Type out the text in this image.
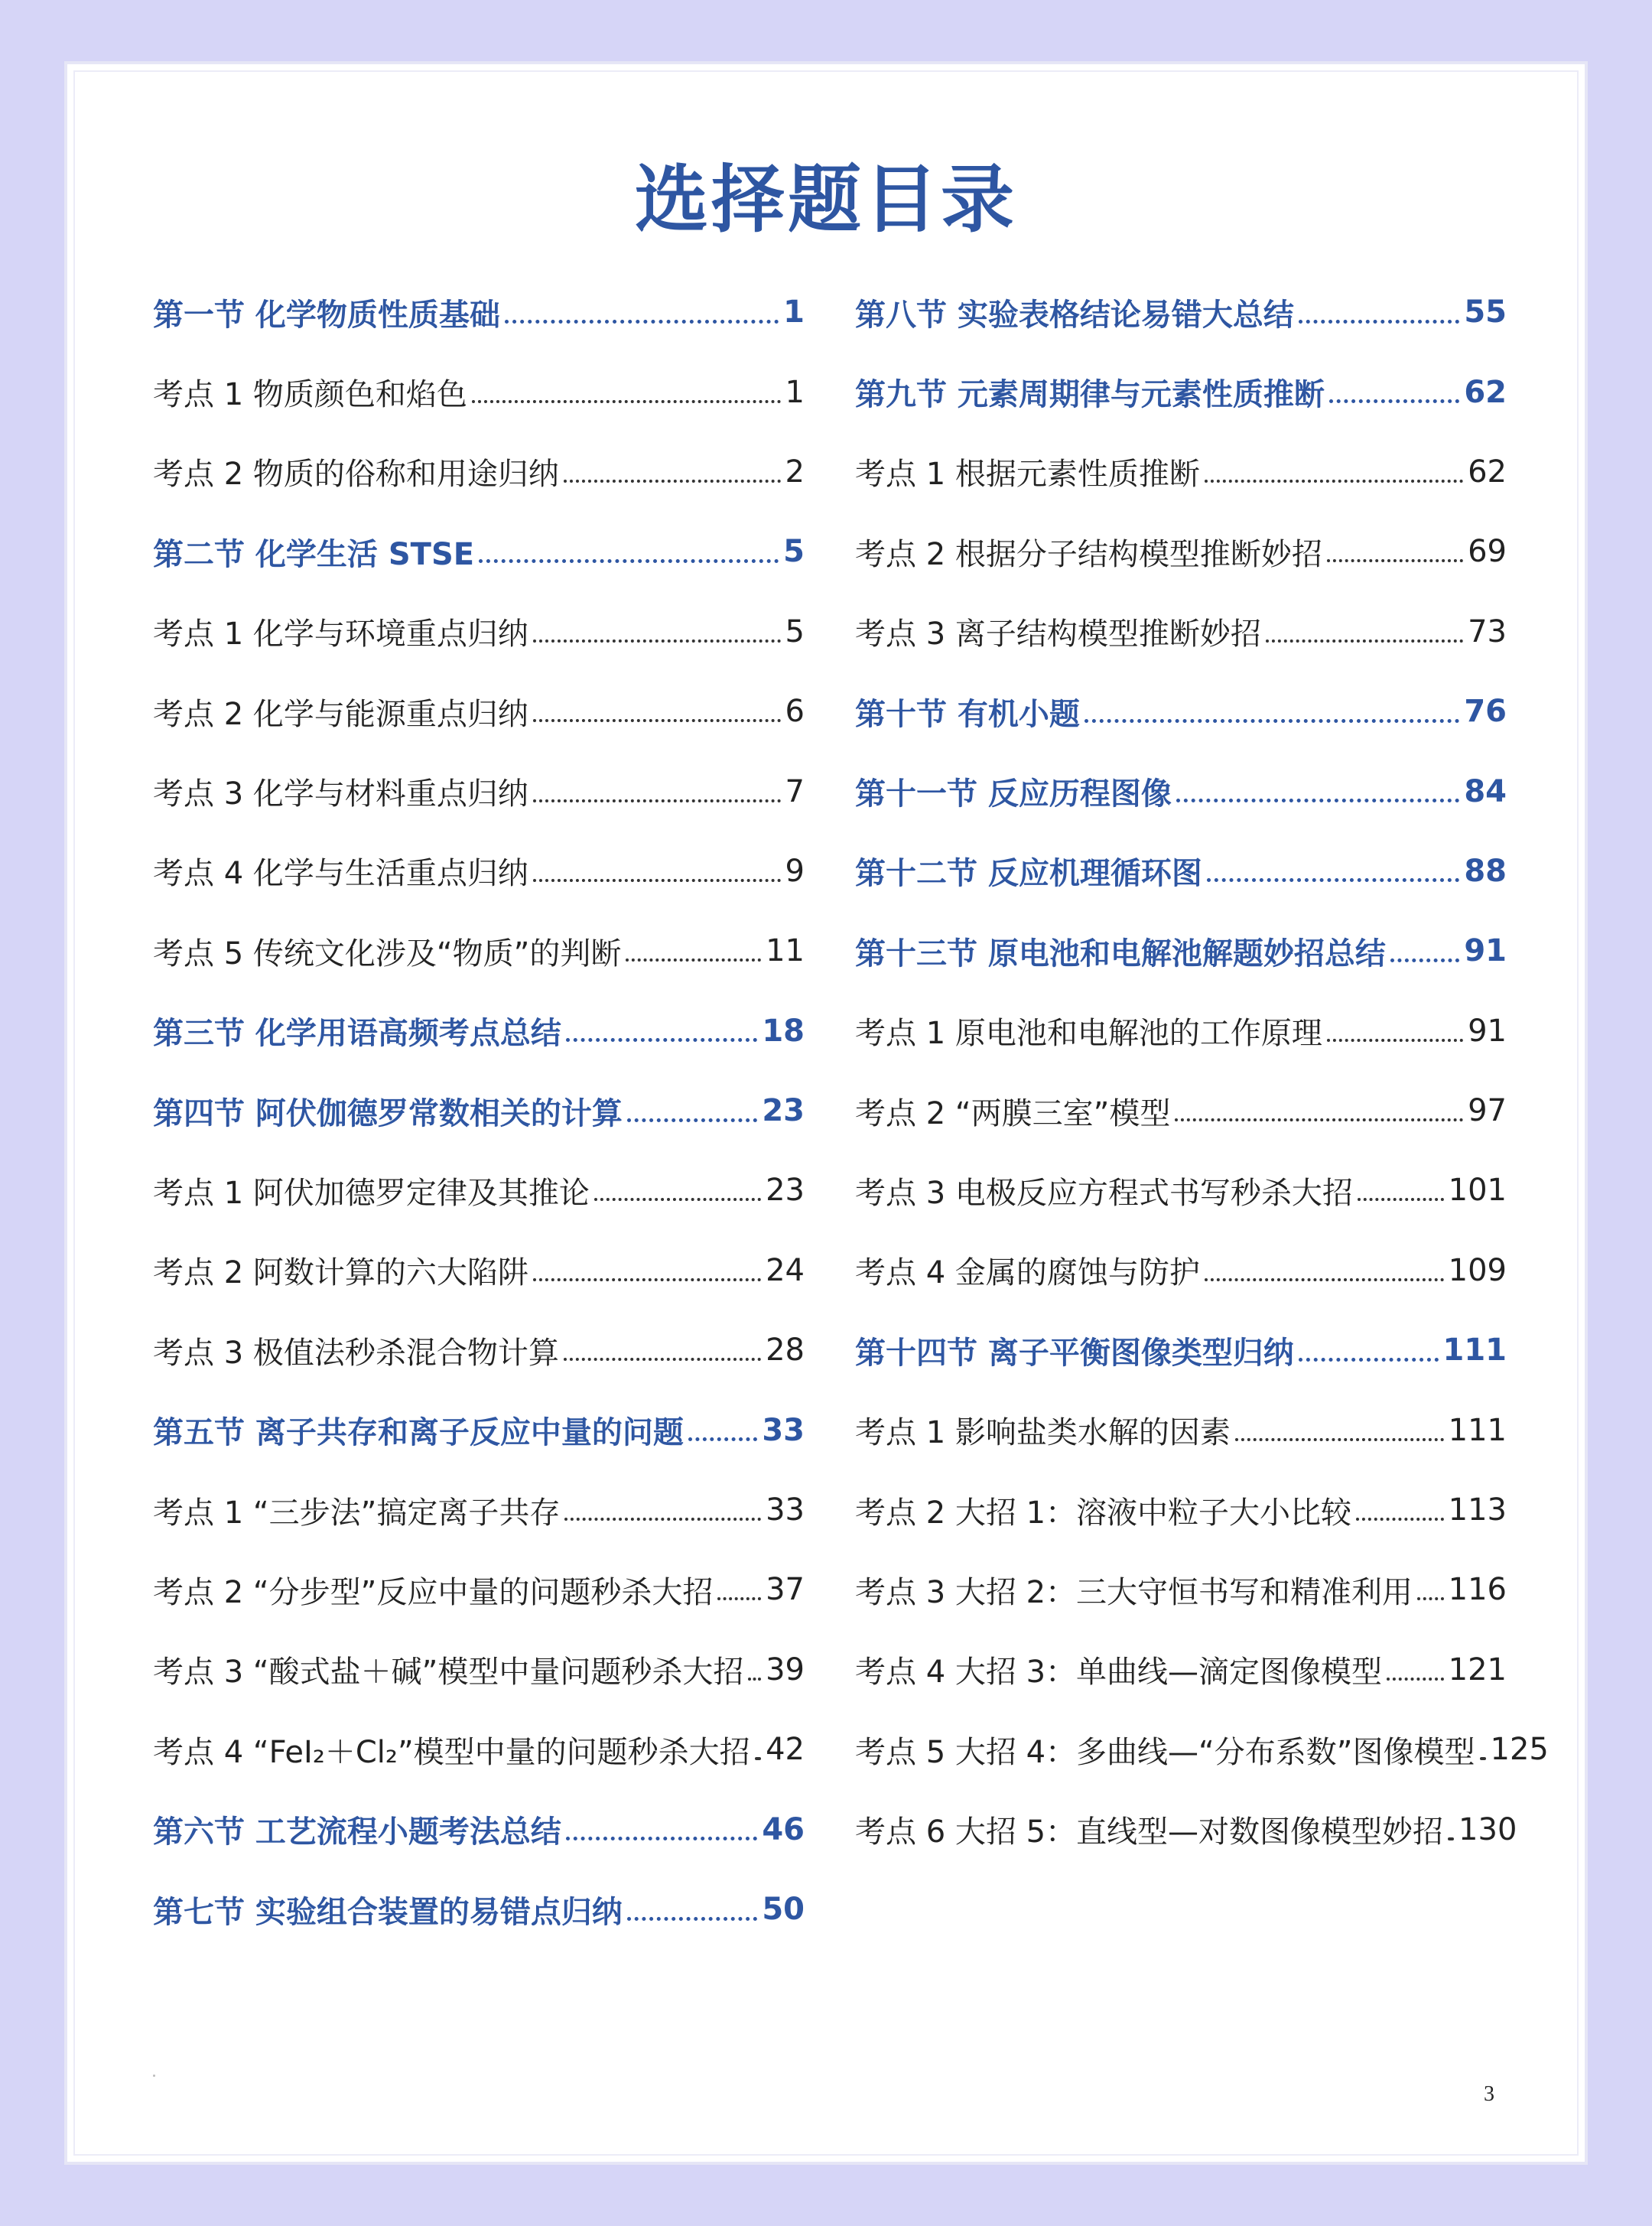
选择题目录
第一节 化学物质性质基础	1
考点 1 物质颜色和焰色	1
考点 2 物质的俗称和用途归纳	2
第二节 化学生活 STSE	5
考点 1 化学与环境重点归纳	5
考点 2 化学与能源重点归纳	6
考点 3 化学与材料重点归纳	7
考点 4 化学与生活重点归纳	9
考点 5 传统文化涉及“物质”的判断	11
第三节 化学用语高频考点总结	18
第四节 阿伏伽德罗常数相关的计算	23
考点 1 阿伏加德罗定律及其推论	23
考点 2 阿数计算的六大陷阱	24
考点 3 极值法秒杀混合物计算	28
第五节 离子共存和离子反应中量的问题	33
考点 1 “三步法”搞定离子共存	33
考点 2 “分步型”反应中量的问题秒杀大招 37
考点 3 “酸式盐＋碱”模型中量问题秒杀大招 39
考点 4 “FeI₂＋Cl₂”模型中量的问题秒杀大招 42
第六节 工艺流程小题考法总结	46
第七节 实验组合装置的易错点归纳	50
第八节 实验表格结论易错大总结	55
第九节 元素周期律与元素性质推断	62
考点 1 根据元素性质推断	62
考点 2 根据分子结构模型推断妙招	69
考点 3 离子结构模型推断妙招	73
第十节 有机小题	76
第十一节 反应历程图像	84
第十二节 反应机理循环图	88
第十三节 原电池和电解池解题妙招总结	91
考点 1 原电池和电解池的工作原理	91
考点 2 “两膜三室”模型	97
考点 3 电极反应方程式书写秒杀大招	101
考点 4 金属的腐蚀与防护	109
第十四节 离子平衡图像类型归纳	111
考点 1 影响盐类水解的因素	111
考点 2 大招 1：溶液中粒子大小比较	113
考点 3 大招 2：三大守恒书写和精准利用 116
考点 4 大招 3：单曲线—滴定图像模型 121
考点 5 大招 4：多曲线—“分布系数”图像模型 125
考点 6 大招 5：直线型—对数图像模型妙招 130
3
